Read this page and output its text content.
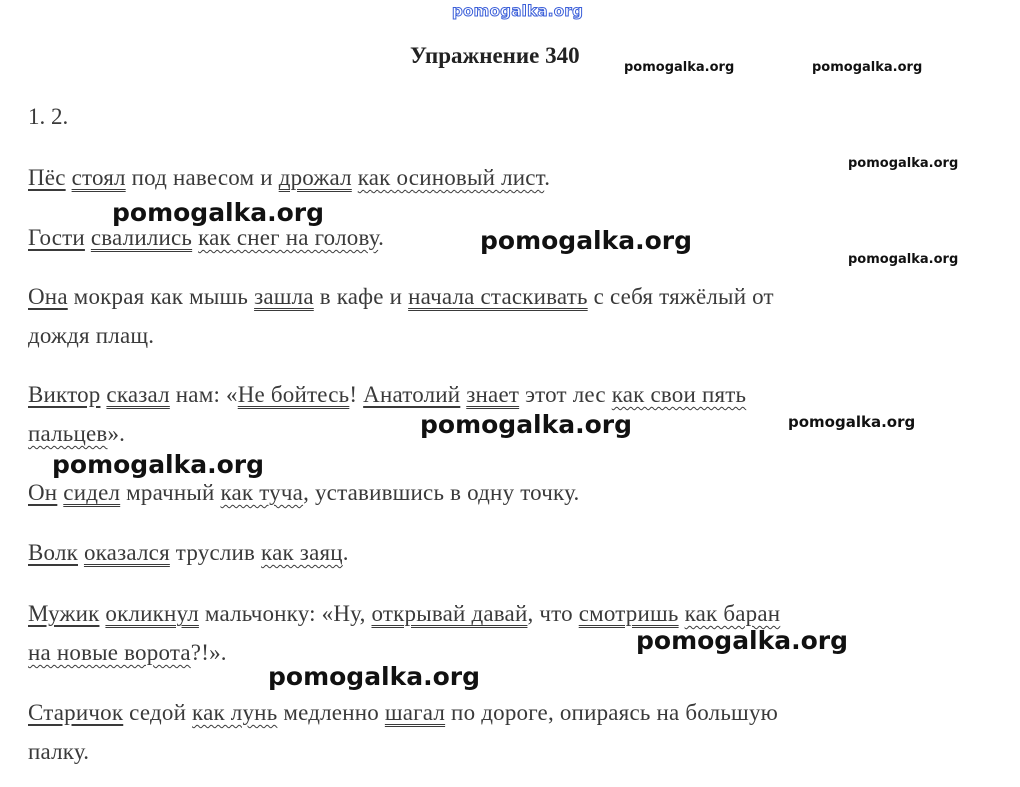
pomogalka.org
Упражнение 340
1. 2.
Пёс стоял под навесом и дрожал как осиновый лист.
Гости свалились как снег на голову.
Она мокрая как мышь зашла в кафе и начала стаскивать с себя тяжёлый от
дождя плащ.
Виктор сказал нам: «Не бойтесь! Анатолий знает этот лес как свои пять
пальцев».
Он сидел мрачный как туча, уставившись в одну точку.
Волк оказался труслив как заяц.
Мужик окликнул мальчонку: «Ну, открывай давай, что смотришь как баран
на новые ворота?!».
Старичок седой как лунь медленно шагал по дороге, опираясь на большую
палку.
pomogalka.org	pomogalka.org
pomogalka.org
pomogalka.org
pomogalka.org
pomogalka.org
pomogalka.org
pomogalka.org
pomogalka.org
pomogalka.org
pomogalka.org
